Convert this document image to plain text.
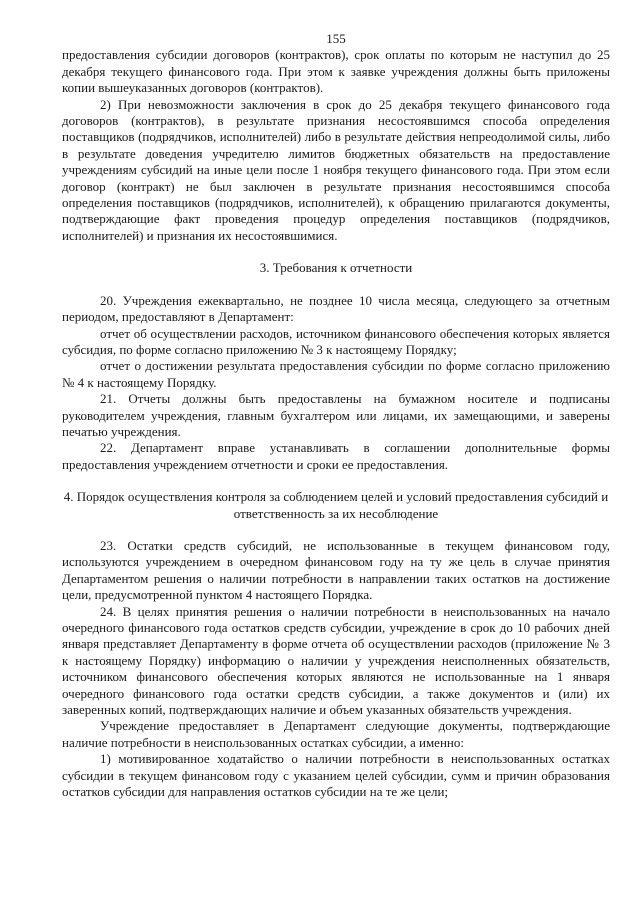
155

предоставления субсидии договоров (контрактов), срок оплаты по которым не наступил до 25 декабря текущего финансового года. При этом к заявке учреждения должны быть приложены копии вышеуказанных договоров (контрактов).

2) При невозможности заключения в срок до 25 декабря текущего финансового года договоров (контрактов), в результате признания несостоявшимся способа определения поставщиков (подрядчиков, исполнителей) либо в результате действия непреодолимой силы, либо в результате доведения учредителю лимитов бюджетных обязательств на предоставление учреждениям субсидий на иные цели после 1 ноября текущего финансового года. При этом если договор (контракт) не был заключен в результате признания несостоявшимся способа определения поставщиков (подрядчиков, исполнителей), к обращению прилагаются документы, подтверждающие факт проведения процедур определения поставщиков (подрядчиков, исполнителей) и признания их несостоявшимися.

3. Требования к отчетности

20. Учреждения ежеквартально, не позднее 10 числа месяца, следующего за отчетным периодом, предоставляют в Департамент:

отчет об осуществлении расходов, источником финансового обеспечения которых является субсидия, по форме согласно приложению № 3 к настоящему Порядку;

отчет о достижении результата предоставления субсидии по форме согласно приложению № 4 к настоящему Порядку.

21. Отчеты должны быть предоставлены на бумажном носителе и подписаны руководителем учреждения, главным бухгалтером или лицами, их замещающими, и заверены печатью учреждения.

22. Департамент вправе устанавливать в соглашении дополнительные формы предоставления учреждением отчетности и сроки ее предоставления.

4. Порядок осуществления контроля за соблюдением целей и условий предоставления субсидий и ответственность за их несоблюдение

23. Остатки средств субсидий, не использованные в текущем финансовом году, используются учреждением в очередном финансовом году на ту же цель в случае принятия Департаментом решения о наличии потребности в направлении таких остатков на достижение цели, предусмотренной пунктом 4 настоящего Порядка.

24. В целях принятия решения о наличии потребности в неиспользованных на начало очередного финансового года остатков средств субсидии, учреждение в срок до 10 рабочих дней января представляет Департаменту в форме отчета об осуществлении расходов (приложение № 3 к настоящему Порядку) информацию о наличии у учреждения неисполненных обязательств, источником финансового обеспечения которых являются не использованные на 1 января очередного финансового года остатки средств субсидии, а также документов и (или) их заверенных копий, подтверждающих наличие и объем указанных обязательств учреждения.

Учреждение предоставляет в Департамент следующие документы, подтверждающие наличие потребности в неиспользованных остатках субсидии, а именно:

1) мотивированное ходатайство о наличии потребности в неиспользованных остатках субсидии в текущем финансовом году с указанием целей субсидии, сумм и причин образования остатков субсидии для направления остатков субсидии на те же цели;
